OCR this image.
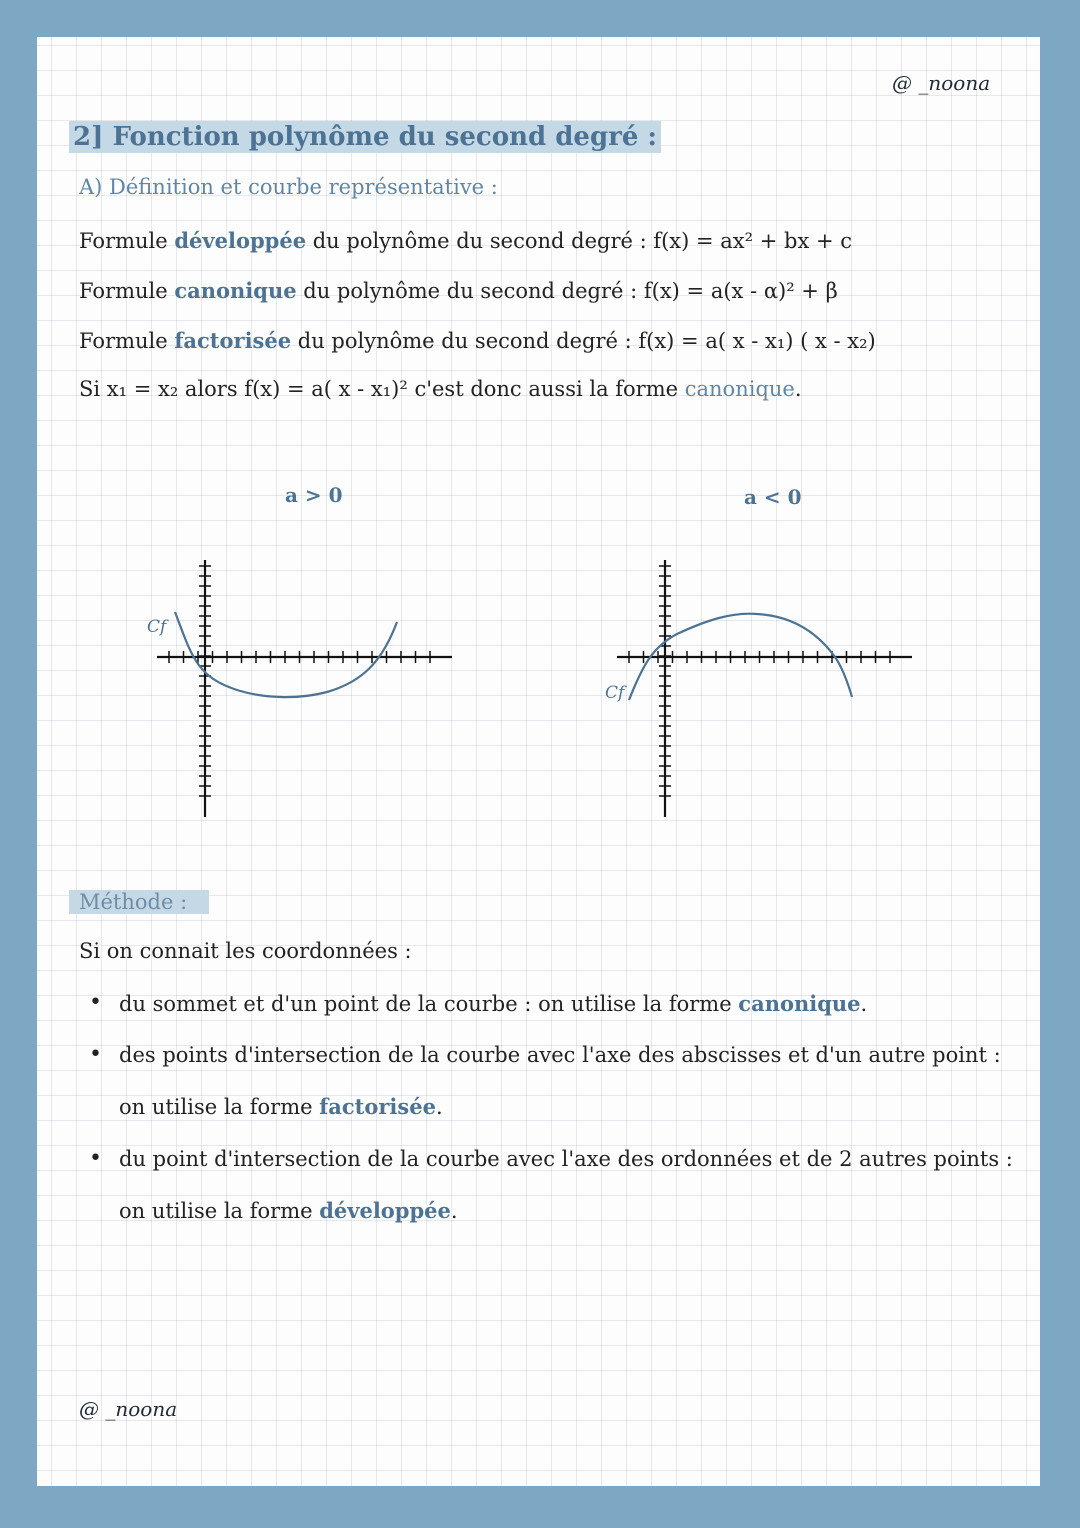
@ _noona
2] Fonction polynôme du second degré :
A) Définition et courbe représentative :
Formule développée du polynôme du second degré : f(x) = ax² + bx + c
Formule canonique du polynôme du second degré : f(x) = a(x - α)² + β
Formule factorisée du polynôme du second degré : f(x) = a( x - x₁) ( x - x₂)
Si x₁ = x₂ alors f(x) = a( x - x₁)² c'est donc aussi la forme canonique.
a > 0
Cf
a < 0
Cf
Méthode :
Si on connait les coordonnées :
• du sommet et d'un point de la courbe : on utilise la forme canonique.
• des points d'intersection de la courbe avec l'axe des abscisses et d'un autre point :
on utilise la forme factorisée.
• du point d'intersection de la courbe avec l'axe des ordonnées et de 2 autres points :
on utilise la forme développée.
@ _noona
